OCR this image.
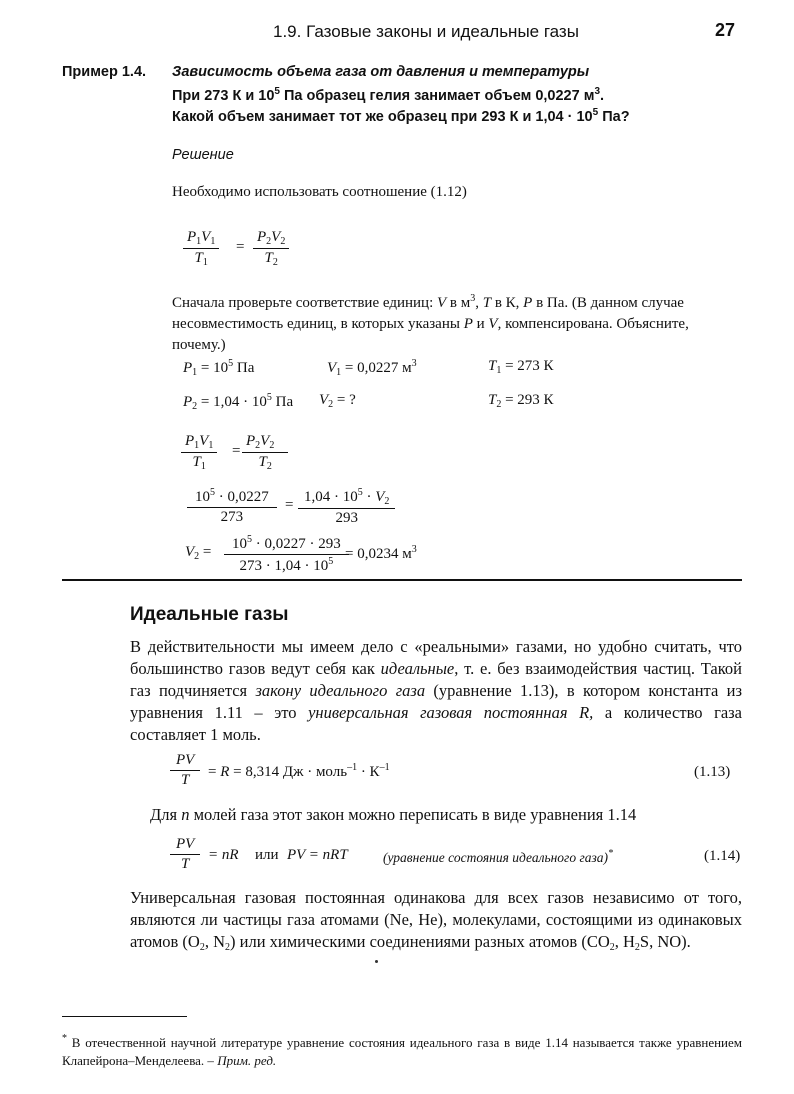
1.9. Газовые законы и идеальные газы	27
Пример 1.4. Зависимость объема газа от давления и температуры
При 273 К и $10^5$ Па образец гелия занимает объем 0,0227 $м^3$.
Какой объем занимает тот же образец при 293 К и $1,04 \cdot 10^5$ Па?
Решение
Необходимо использовать соотношение (1.12)
$\frac{P_1V_1}{T_1} = \frac{P_2V_2}{T_2}$
Сначала проверьте соответствие единиц: V в $м^3$, T в К, P в Па. (В данном случае несовместимость единиц, в которых указаны P и V, компенсирована. Объясните, почему.)
$P_1 = 10^5$ Па	$V_1 = 0,0227$ $м^3$	$T_1 = 273$ К
$P_2 = 1,04 \cdot 10^5$ Па $V_2$ = ?	$T_2 = 293$ К
$\frac{P_1V_1}{T_1} = \frac{P_2V_2}{T_2}$
$\frac{10^5 \cdot 0,0227}{273} = \frac{1,04 \cdot 10^5 \cdot V_2}{293}$
$V_2 = \frac{10^5 \cdot 0,0227 \cdot 293}{273 \cdot 1,04 \cdot 10^5}$
= 0,0234 $м^3$
Идеальные газы
В действительности мы имеем дело с «реальными» газами, но удобно считать, что большинство газов ведут себя как идеальные, т. е. без взаимодействия частиц. Такой газ подчиняется закону идеального газа (уравнение 1.13), в котором константа из уравнения 1.11 – это универсальная газовая постоянная R, а количество газа составляет 1 моль.
$\frac{PV}{T} = R = 8,314$ Дж · моль$^{-1}$ · $К^{-1}$	(1.13)
Для n молей газа этот закон можно переписать в виде уравнения 1.14
$\frac{PV}{T}$ = nR или PV = nRT	(уравнение состояния идеального газа)*	(1.14)
Универсальная газовая постоянная одинакова для всех газов независимо от того, являются ли частицы газа атомами (Ne, He), молекулами, состоящими из одинаковых атомов ($O_2$, $N_2$) или химическими соединениями разных атомов ($CO_2$, $H_2S$, NO).
* В отечественной научной литературе уравнение состояния идеального газа в виде 1.14 называется также уравнением Клапейрона–Менделеева. – Прим. ред.
